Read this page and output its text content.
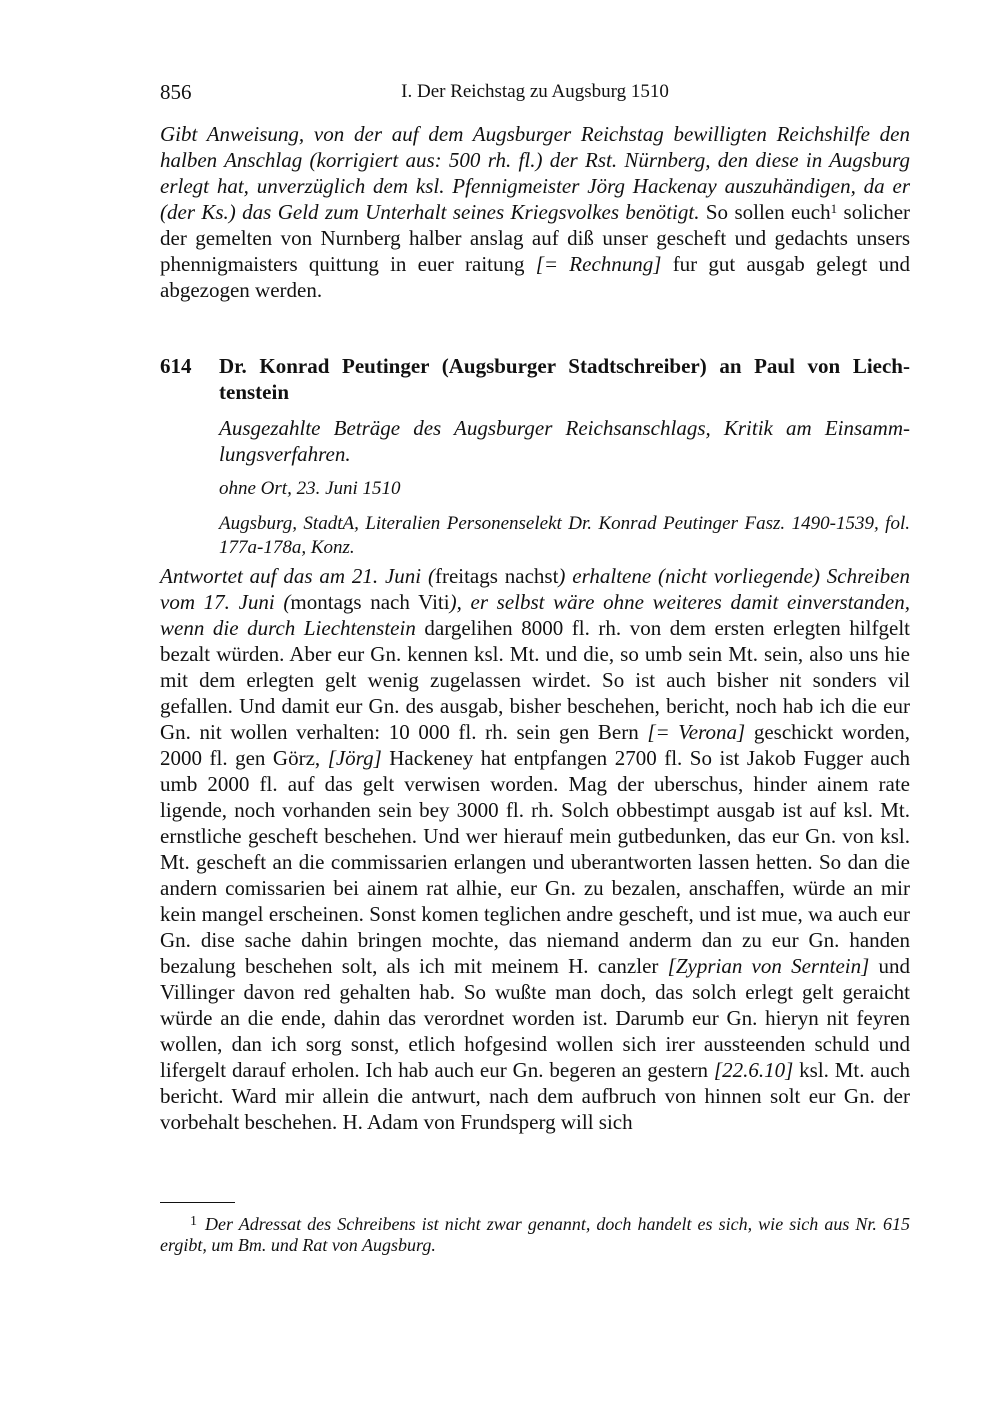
856	I. Der Reichstag zu Augsburg 1510

Gibt Anweisung, von der auf dem Augsburger Reichstag bewilligten Reichshilfe den halben Anschlag (korrigiert aus: 500 rh. fl.) der Rst. Nürnberg, den diese in Augsburg erlegt hat, unverzüglich dem ksl. Pfennigmeister Jörg Hackenay auszuhändigen, da er (der Ks.) das Geld zum Unterhalt seines Kriegsvolkes benötigt. So sollen euch$^1$ solicher der gemelten von Nurnberg halber anslag auf diß unser gescheft und gedachts unsers phennigmaisters quittung in euer raitung [= Rechnung] fur gut ausgab gelegt und abgezogen werden.

614 Dr. Konrad Peutinger (Augsburger Stadtschreiber) an Paul von Liechtenstein
Ausgezahlte Beträge des Augsburger Reichsanschlags, Kritik am Einsammlungsverfahren.
ohne Ort, 23. Juni 1510
Augsburg, StadtA, Literalien Personenselekt Dr. Konrad Peutinger Fasz. 1490-1539, fol. 177a-178a, Konz.

Antwortet auf das am 21. Juni (freitags nachst) erhaltene (nicht vorliegende) Schreiben vom 17. Juni (montags nach Viti), er selbst wäre ohne weiteres damit einverstanden, wenn die durch Liechtenstein dargelihen 8000 fl. rh. von dem ersten erlegten hilfgelt bezalt würden. Aber eur Gn. kennen ksl. Mt. und die, so umb sein Mt. sein, also uns hie mit dem erlegten gelt wenig zugelassen wirdet. So ist auch bisher nit sonders vil gefallen. Und damit eur Gn. des ausgab, bisher beschehen, bericht, noch hab ich die eur Gn. nit wollen verhalten: 10 000 fl. rh. sein gen Bern [= Verona] geschickt worden, 2000 fl. gen Görz, [Jörg] Hackeney hat entpfangen 2700 fl. So ist Jakob Fugger auch umb 2000 fl. auf das gelt verwisen worden. Mag der uberschus, hinder ainem rate ligende, noch vorhanden sein bey 3000 fl. rh. Solch obbestimpt ausgab ist auf ksl. Mt. ernstliche gescheft beschehen. Und wer hierauf mein gutbedunken, das eur Gn. von ksl. Mt. gescheft an die commissarien erlangen und uberantworten lassen hetten. So dan die andern comissarien bei ainem rat alhie, eur Gn. zu bezalen, anschaffen, würde an mir kein mangel erscheinen. Sonst komen teglichen andre gescheft, und ist mue, wa auch eur Gn. dise sache dahin bringen mochte, das niemand anderm dan zu eur Gn. handen bezalung beschehen solt, als ich mit meinem H. canzler [Zyprian von Serntein] und Villinger davon red gehalten hab. So wußte man doch, das solch erlegt gelt geraicht würde an die ende, dahin das verordnet worden ist. Darumb eur Gn. hieryn nit feyren wollen, dan ich sorg sonst, etlich hofgesind wollen sich irer aussteenden schuld und lifergelt darauf erholen. Ich hab auch eur Gn. begeren an gestern [22.6.10] ksl. Mt. auch bericht. Ward mir allein die antwurt, nach dem aufbruch von hinnen solt eur Gn. der vorbehalt beschehen. H. Adam von Frundsperg will sich

$^1$ Der Adressat des Schreibens ist nicht zwar genannt, doch handelt es sich, wie sich aus Nr. 615 ergibt, um Bm. und Rat von Augsburg.
